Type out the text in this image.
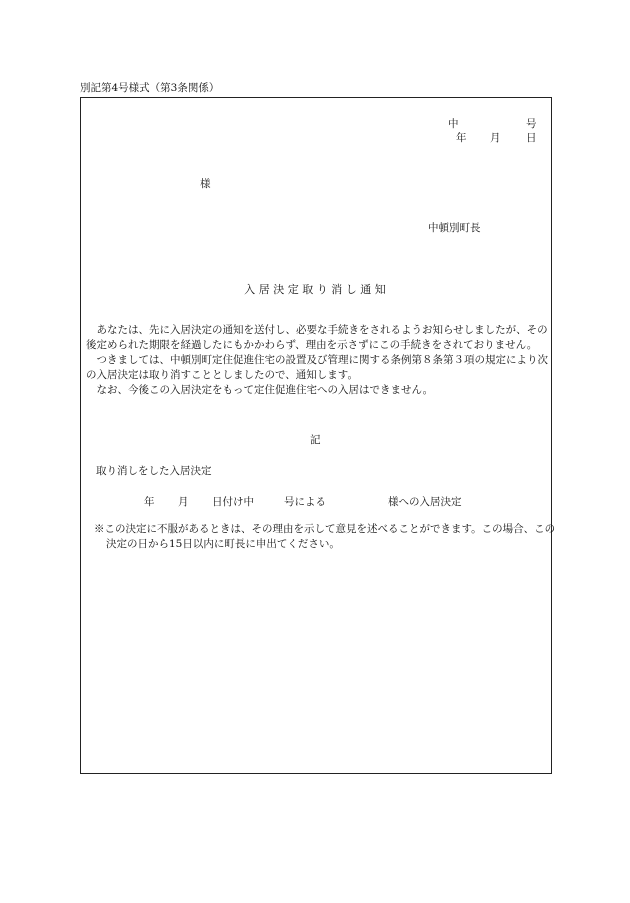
別記第4号様式（第3条関係）
中	号
年 月 日
様
中頓別町長
入 居 決 定 取 り 消 し 通 知

あなたは、先に入居決定の通知を送付し、必要な手続きをされるようお知らせしましたが、その後定められた期限を経過したにもかかわらず、理由を示さずにこの手続きをされておりません。

つきましては、中頓別町定住促進住宅の設置及び管理に関する条例第８条第３項の規定により次の入居決定は取り消すこととしましたので、通知します。

なお、今後この入居決定をもって定住促進住宅への入居はできません。

記
取り消しをした入居決定
年 月 日付け中	号による	様への入居決定
※この決定に不服があるときは、その理由を示して意見を述べることができます。この場合、この決定の日から15日以内に町長に申出てください。
